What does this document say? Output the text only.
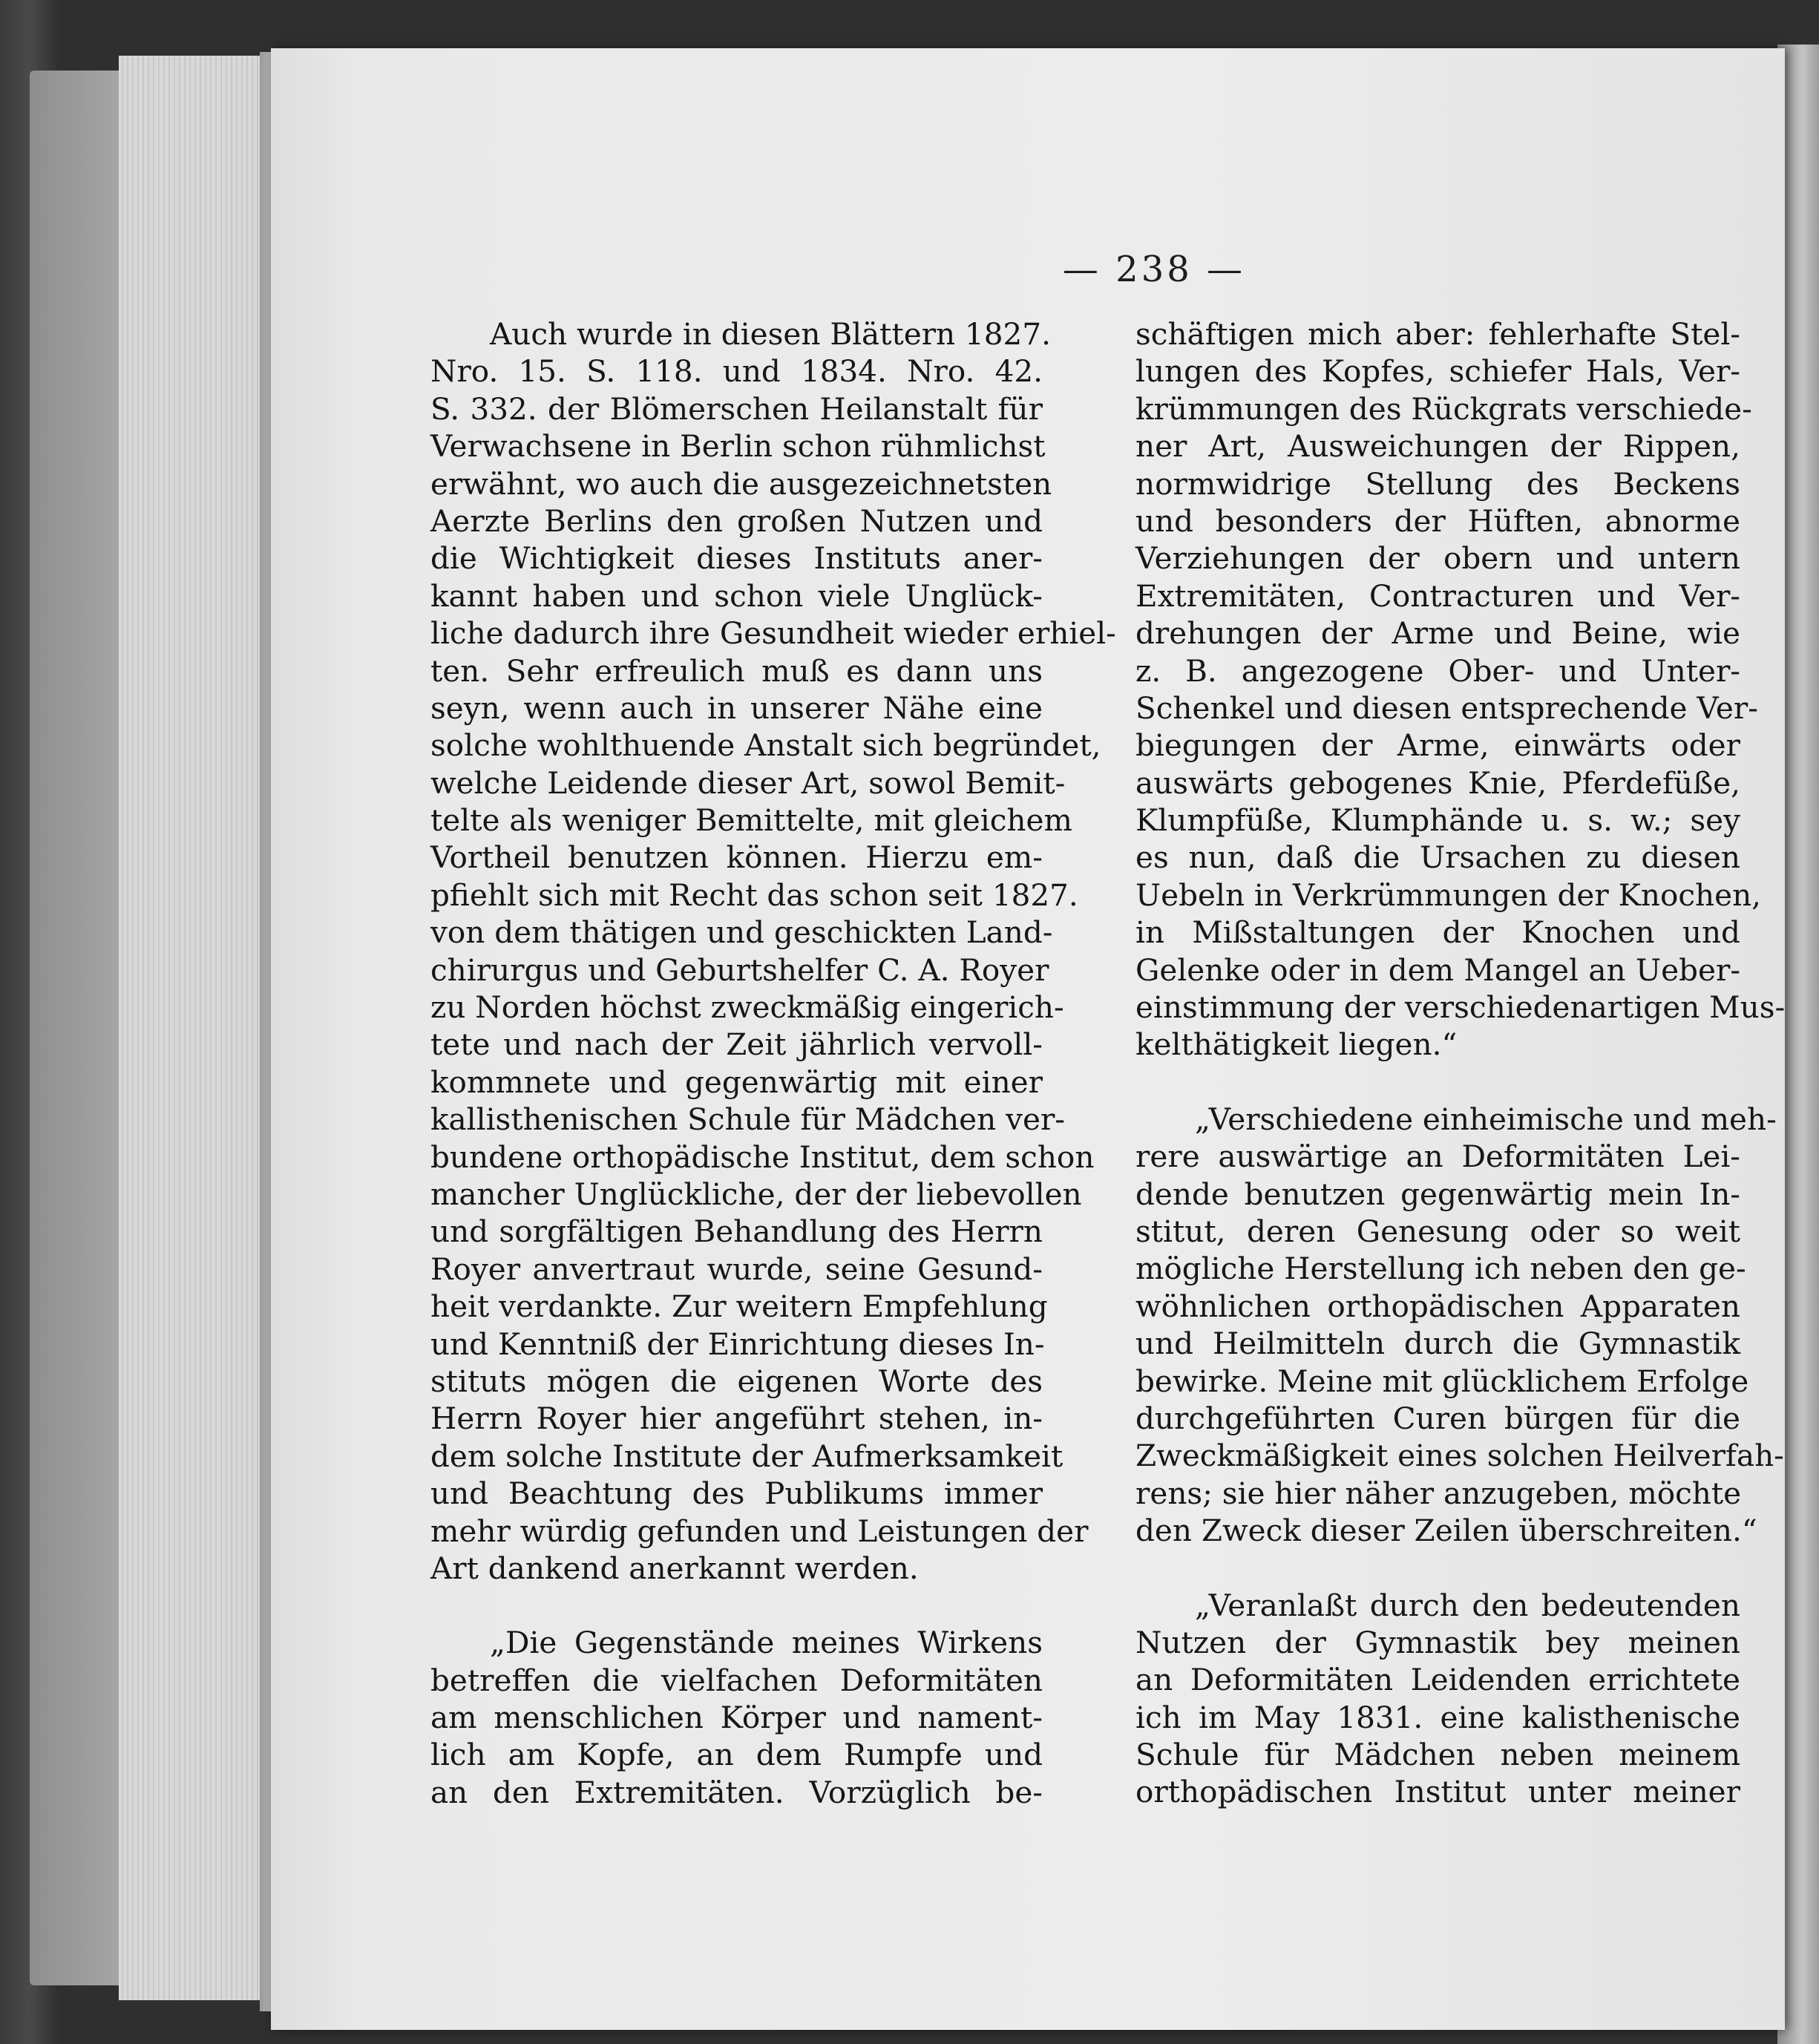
— 238 —
Auch wurde in diesen Blättern 1827.
Nro. 15. S. 118. und 1834. Nro. 42.
S. 332. der Blömerschen Heilanstalt für
Verwachsene in Berlin schon rühmlichst
erwähnt, wo auch die ausgezeichnetsten
Aerzte Berlins den großen Nutzen und
die Wichtigkeit dieses Instituts aner-
kannt haben und schon viele Unglück-
liche dadurch ihre Gesundheit wieder erhiel-
ten. Sehr erfreulich muß es dann uns
seyn, wenn auch in unserer Nähe eine
solche wohlthuende Anstalt sich begründet,
welche Leidende dieser Art, sowol Bemit-
telte als weniger Bemittelte, mit gleichem
Vortheil benutzen können. Hierzu em-
pfiehlt sich mit Recht das schon seit 1827.
von dem thätigen und geschickten Land-
chirurgus und Geburtshelfer C. A. Royer
zu Norden höchst zweckmäßig eingerich-
tete und nach der Zeit jährlich vervoll-
kommnete und gegenwärtig mit einer
kallisthenischen Schule für Mädchen ver-
bundene orthopädische Institut, dem schon
mancher Unglückliche, der der liebevollen
und sorgfältigen Behandlung des Herrn
Royer anvertraut wurde, seine Gesund-
heit verdankte. Zur weitern Empfehlung
und Kenntniß der Einrichtung dieses In-
stituts mögen die eigenen Worte des
Herrn Royer hier angeführt stehen, in-
dem solche Institute der Aufmerksamkeit
und Beachtung des Publikums immer
mehr würdig gefunden und Leistungen der
Art dankend anerkannt werden.
„Die Gegenstände meines Wirkens
betreffen die vielfachen Deformitäten
am menschlichen Körper und nament-
lich am Kopfe, an dem Rumpfe und
an den Extremitäten. Vorzüglich be-
schäftigen mich aber: fehlerhafte Stel-
lungen des Kopfes, schiefer Hals, Ver-
krümmungen des Rückgrats verschiede-
ner Art, Ausweichungen der Rippen,
normwidrige Stellung des Beckens
und besonders der Hüften, abnorme
Verziehungen der obern und untern
Extremitäten, Contracturen und Ver-
drehungen der Arme und Beine, wie
z. B. angezogene Ober- und Unter-
Schenkel und diesen entsprechende Ver-
biegungen der Arme, einwärts oder
auswärts gebogenes Knie, Pferdefüße,
Klumpfüße, Klumphände u. s. w.; sey
es nun, daß die Ursachen zu diesen
Uebeln in Verkrümmungen der Knochen,
in Mißstaltungen der Knochen und
Gelenke oder in dem Mangel an Ueber-
einstimmung der verschiedenartigen Mus-
kelthätigkeit liegen.“
„Verschiedene einheimische und meh-
rere auswärtige an Deformitäten Lei-
dende benutzen gegenwärtig mein In-
stitut, deren Genesung oder so weit
mögliche Herstellung ich neben den ge-
wöhnlichen orthopädischen Apparaten
und Heilmitteln durch die Gymnastik
bewirke. Meine mit glücklichem Erfolge
durchgeführten Curen bürgen für die
Zweckmäßigkeit eines solchen Heilverfah-
rens; sie hier näher anzugeben, möchte
den Zweck dieser Zeilen überschreiten.“
„Veranlaßt durch den bedeutenden
Nutzen der Gymnastik bey meinen
an Deformitäten Leidenden errichtete
ich im May 1831. eine kalisthenische
Schule für Mädchen neben meinem
orthopädischen Institut unter meiner
